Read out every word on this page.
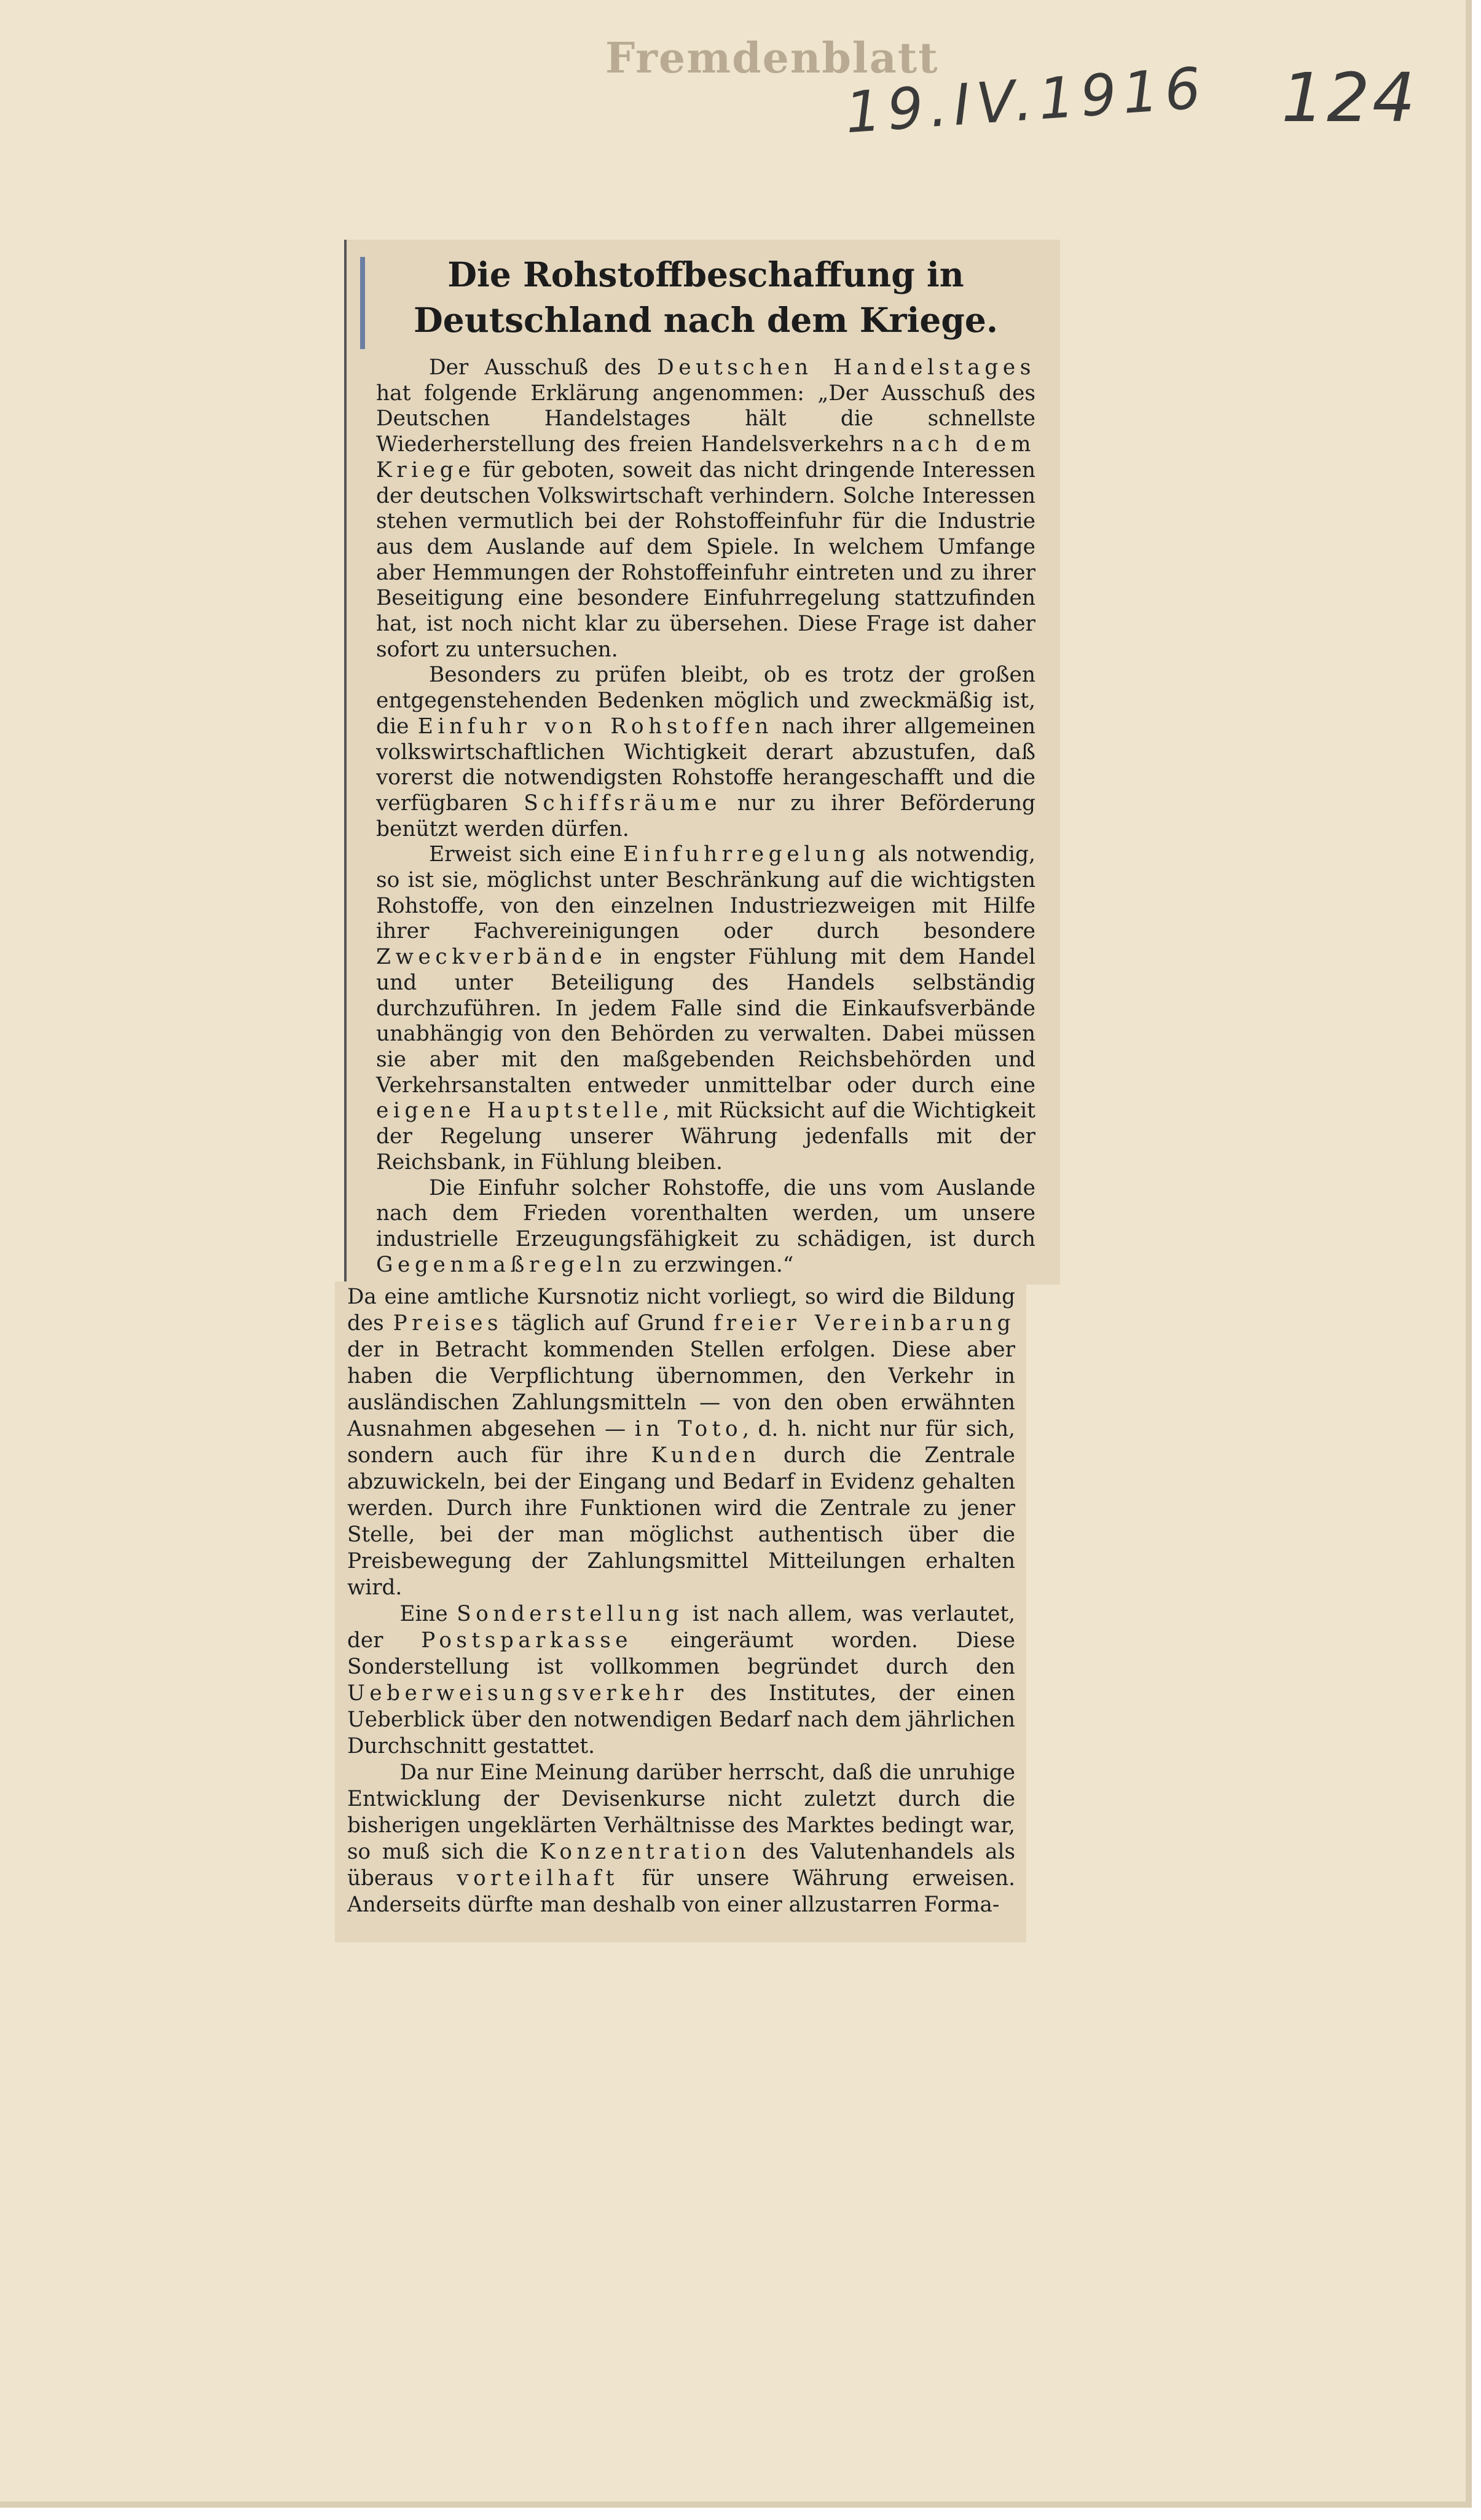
Fremdenblatt
19.IV.1916 124
Die Rohstoffbeschaffung in Deutschland nach dem Kriege.

Der Ausschuß des Deutschen Handelstages hat folgende Erklärung angenommen: „Der Ausschuß des Deutschen Handelstages hält die schnellste Wiederherstellung des freien Handelsverkehrs nach dem Kriege für geboten, soweit das nicht dringende Interessen der deutschen Volkswirtschaft verhindern. Solche Interessen stehen vermutlich bei der Rohstoffeinfuhr für die Industrie aus dem Auslande auf dem Spiele. In welchem Umfange aber Hemmungen der Rohstoffeinfuhr eintreten und zu ihrer Beseitigung eine besondere Einfuhrregelung stattzufinden hat, ist noch nicht klar zu übersehen. Diese Frage ist daher sofort zu untersuchen.

Besonders zu prüfen bleibt, ob es trotz der großen entgegenstehenden Bedenken möglich und zweckmäßig ist, die Einfuhr von Rohstoffen nach ihrer allgemeinen volkswirtschaftlichen Wichtigkeit derart abzustufen, daß vorerst die notwendigsten Rohstoffe herangeschafft und die verfügbaren Schiffsräume nur zu ihrer Beförderung benützt werden dürfen.

Erweist sich eine Einfuhrregelung als notwendig, so ist sie, möglichst unter Beschränkung auf die wichtigsten Rohstoffe, von den einzelnen Industriezweigen mit Hilfe ihrer Fachvereinigungen oder durch besondere Zweckverbände in engster Fühlung mit dem Handel und unter Beteiligung des Handels selbständig durchzuführen. In jedem Falle sind die Einkaufsverbände unabhängig von den Behörden zu verwalten. Dabei müssen sie aber mit den maßgebenden Reichsbehörden und Verkehrsanstalten entweder unmittelbar oder durch eine eigene Hauptstelle, mit Rücksicht auf die Wichtigkeit der Regelung unserer Währung jedenfalls mit der Reichsbank, in Fühlung bleiben.

Die Einfuhr solcher Rohstoffe, die uns vom Auslande nach dem Frieden vorenthalten werden, um unsere industrielle Erzeugungsfähigkeit zu schädigen, ist durch Gegenmaßregeln zu erzwingen.“

Da eine amtliche Kursnotiz nicht vorliegt, so wird die Bildung des Preises täglich auf Grund freier Vereinbarung der in Betracht kommenden Stellen erfolgen. Diese aber haben die Verpflichtung übernommen, den Verkehr in ausländischen Zahlungsmitteln — von den oben erwähnten Ausnahmen abgesehen — in Toto, d. h. nicht nur für sich, sondern auch für ihre Kunden durch die Zentrale abzuwickeln, bei der Eingang und Bedarf in Evidenz gehalten werden. Durch ihre Funktionen wird die Zentrale zu jener Stelle, bei der man möglichst authentisch über die Preisbewegung der Zahlungsmittel Mitteilungen erhalten wird.

Eine Sonderstellung ist nach allem, was verlautet, der Postsparkasse eingeräumt worden. Diese Sonderstellung ist vollkommen begründet durch den Ueberweisungsverkehr des Institutes, der einen Ueberblick über den notwendigen Bedarf nach dem jährlichen Durchschnitt gestattet.

Da nur Eine Meinung darüber herrscht, daß die unruhige Entwicklung der Devisenkurse nicht zuletzt durch die bisherigen ungeklärten Verhältnisse des Marktes bedingt war, so muß sich die Konzentration des Valutenhandels als überaus vorteilhaft für unsere Währung erweisen. Anderseits dürfte man deshalb von einer allzustarren Forma-
